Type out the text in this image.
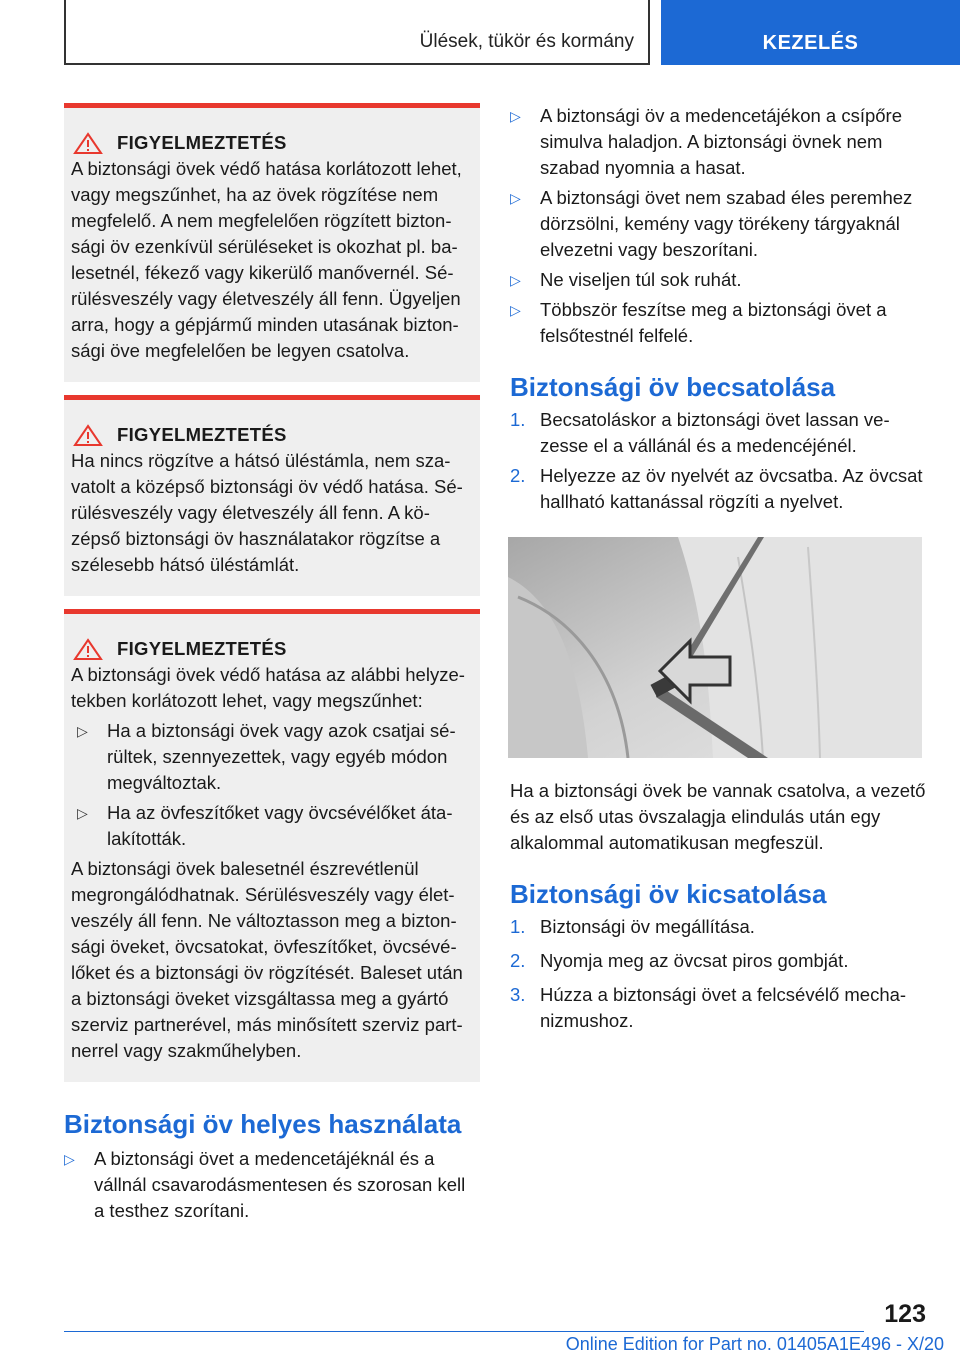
Ülések, tükör és kormány	KEZELÉS
FIGYELMEZTETÉS

A biztonsági övek védő hatása korlátozott lehet, vagy megszűnhet, ha az övek rögzítése nem megfelelő. A nem megfelelően rögzített biztonsági öv ezenkívül sérüléseket is okozhat pl. balesetnél, fékező vagy kikerülő manővernél. Sérülésveszély vagy életveszély áll fenn. Ügyeljen arra, hogy a gépjármű minden utasának biztonsági öve megfelelően be legyen csatolva.

FIGYELMEZTETÉS

Ha nincs rögzítve a hátsó üléstámla, nem szavatolt a középső biztonsági öv védő hatása. Sérülésveszély vagy életveszély áll fenn. A középső biztonsági öv használatakor rögzítse a szélesebb hátsó üléstámlát.

FIGYELMEZTETÉS

A biztonsági övek védő hatása az alábbi helyzetekben korlátozott lehet, vagy megszűnhet:

▷	Ha a biztonsági övek vagy azok csatjai sérültek, szennyezettek, vagy egyéb módon megváltoztak.
▷	Ha az övfeszítőket vagy övcsévélőket átalakították.

A biztonsági övek balesetnél észrevétlenül megrongálódhatnak. Sérülésveszély vagy életveszély áll fenn. Ne változtasson meg a biztonsági öveket, övcsatokat, övfeszítőket, övcsévélőket és a biztonsági öv rögzítését. Baleset után a biztonsági öveket vizsgáltassa meg a gyártó szerviz partnerével, más minősített szerviz partnerrel vagy szakműhelyben.

Biztonsági öv helyes használata
▷	A biztonsági övet a medencetájéknál és a vállnál csavarodásmentesen és szorosan kell a testhez szorítani.
▷	A biztonsági öv a medencetájékon a csípőre simulva haladjon. A biztonsági övnek nem szabad nyomnia a hasat.
▷	A biztonsági övet nem szabad éles peremhez dörzsölni, kemény vagy törékeny tárgyaknál elvezetni vagy beszorítani.
▷	Ne viseljen túl sok ruhát.
▷	Többször feszítse meg a biztonsági övet a felsőtestnél felfelé.
Biztonsági öv becsatolása
1. Becsatoláskor a biztonsági övet lassan vezesse el a vállánál és a medencéjénél.
2. Helyezze az öv nyelvét az övcsatba. Az övcsat hallható kattanással rögzíti a nyelvet.

Ha a biztonsági övek be vannak csatolva, a vezető és az első utas övszalagja elindulás után egy alkalommal automatikusan megfeszül.

Biztonsági öv kicsatolása
1. Biztonsági öv megállítása.
2. Nyomja meg az övcsat piros gombját.
3. Húzza a biztonsági övet a felcsévélő mechanizmushoz.
123
Online Edition for Part no. 01405A1E496 - X/20
